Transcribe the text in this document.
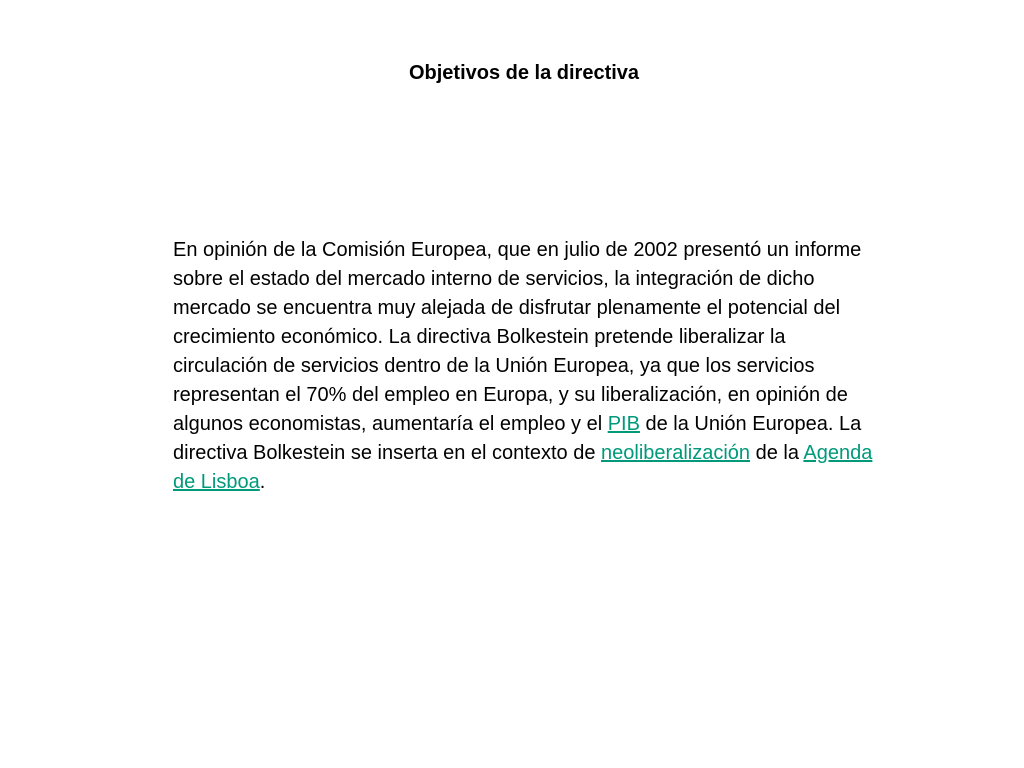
Objetivos de la directiva

En opinión de la Comisión Europea, que en julio de 2002 presentó un informe sobre el estado del mercado interno de servicios, la integración de dicho mercado se encuentra muy alejada de disfrutar plenamente el potencial del crecimiento económico. La directiva Bolkestein pretende liberalizar la circulación de servicios dentro de la Unión Europea, ya que los servicios representan el 70% del empleo en Europa, y su liberalización, en opinión de algunos economistas, aumentaría el empleo y el PIB de la Unión Europea. La directiva Bolkestein se inserta en el contexto de neoliberalización de la Agenda de Lisboa.
